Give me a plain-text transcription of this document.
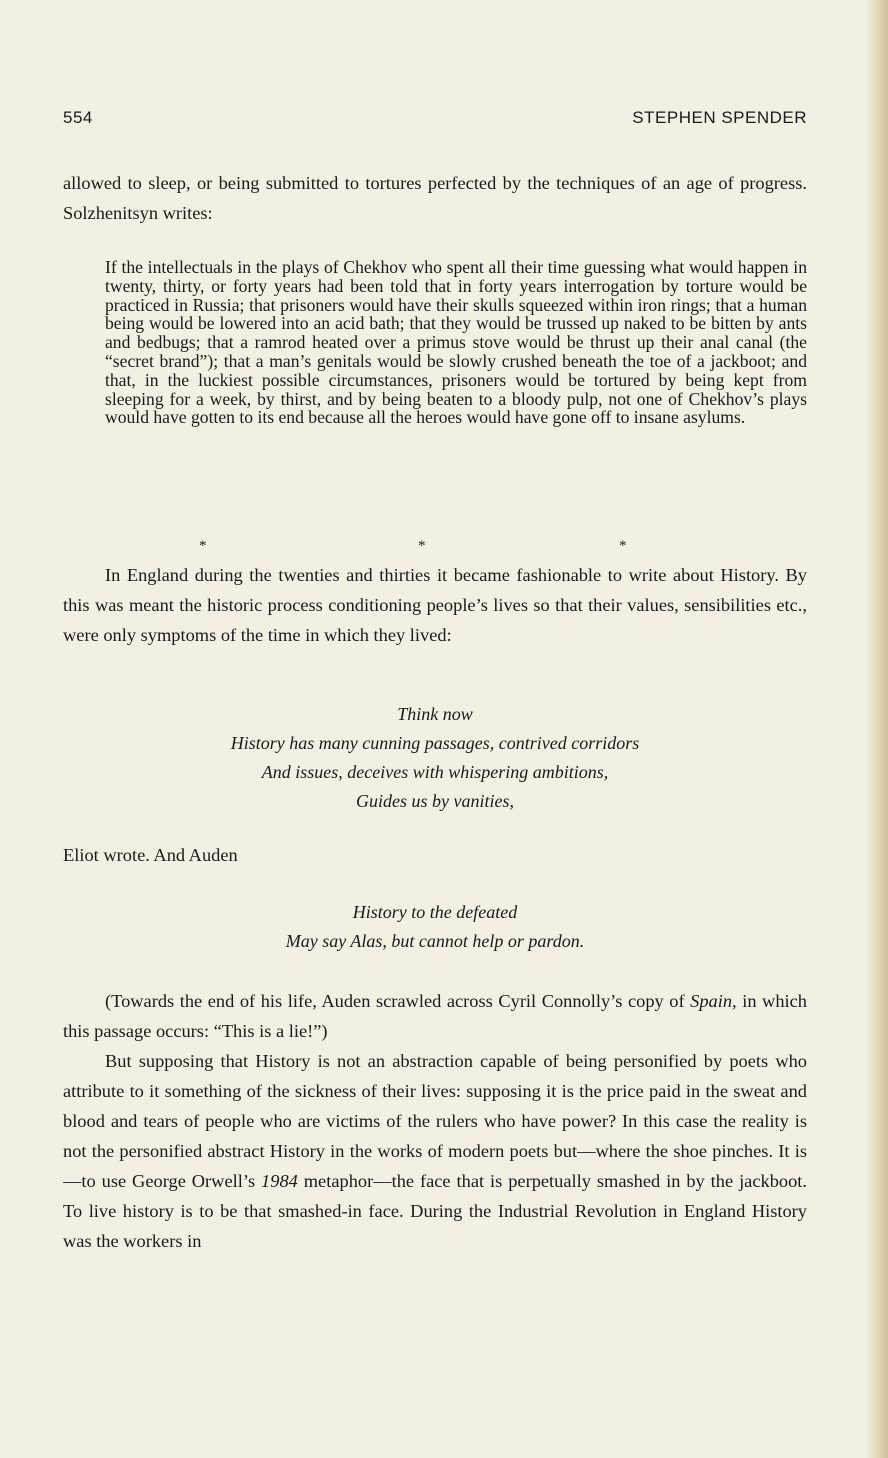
554	STEPHEN SPENDER

allowed to sleep, or being submitted to tortures perfected by the techniques of an age of progress. Solzhenitsyn writes:

If the intellectuals in the plays of Chekhov who spent all their time guessing what would happen in twenty, thirty, or forty years had been told that in forty years interrogation by torture would be practiced in Russia; that prisoners would have their skulls squeezed within iron rings; that a human being would be lowered into an acid bath; that they would be trussed up naked to be bitten by ants and bedbugs; that a ramrod heated over a primus stove would be thrust up their anal canal (the “secret brand”); that a man’s genitals would be slowly crushed beneath the toe of a jackboot; and that, in the luckiest possible circumstances, prisoners would be tortured by being kept from sleeping for a week, by thirst, and by being beaten to a bloody pulp, not one of Chekhov’s plays would have gotten to its end because all the heroes would have gone off to insane asylums.

*	*	*

In England during the twenties and thirties it became fashionable to write about History. By this was meant the historic process conditioning people’s lives so that their values, sensibilities etc., were only symptoms of the time in which they lived:

Think now
History has many cunning passages, contrived corridors
And issues, deceives with whispering ambitions,
Guides us by vanities,

Eliot wrote. And Auden

History to the defeated
May say Alas, but cannot help or pardon.

(Towards the end of his life, Auden scrawled across Cyril Connolly’s copy of Spain, in which this passage occurs: “This is a lie!”)

But supposing that History is not an abstraction capable of being personified by poets who attribute to it something of the sickness of their lives: supposing it is the price paid in the sweat and blood and tears of people who are victims of the rulers who have power? In this case the reality is not the personified abstract History in the works of modern poets but—where the shoe pinches. It is—to use George Orwell’s 1984 metaphor—the face that is perpetually smashed in by the jackboot. To live history is to be that smashed-in face. During the Industrial Revolution in England History was the workers in
